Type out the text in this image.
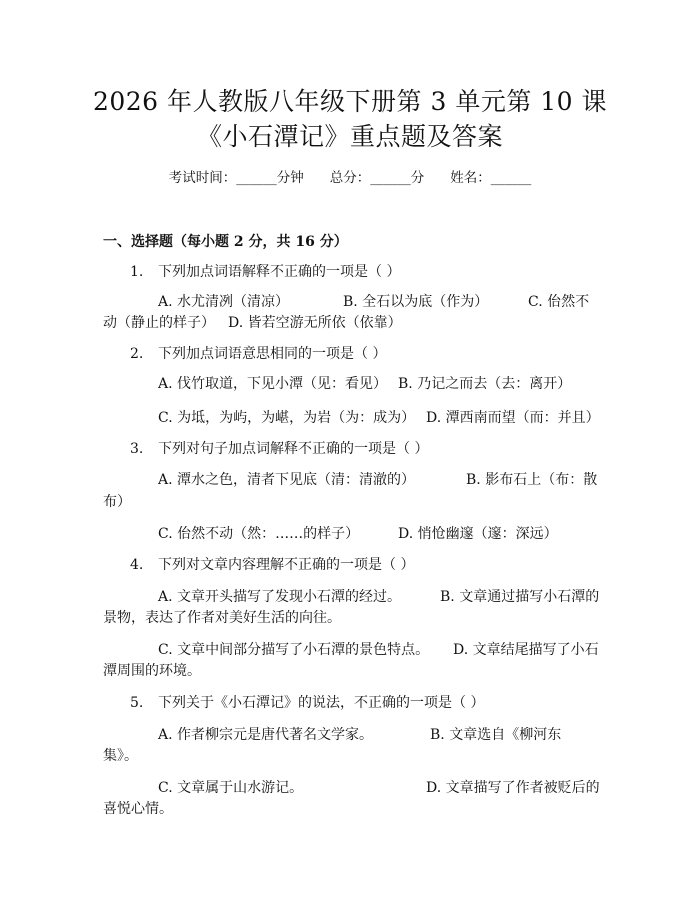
2026 年人教版八年级下册第 3 单元第 10 课
《小石潭记》重点题及答案
考试时间：______分钟 总分：______分 姓名：______
一、选择题（每小题 2 分，共 16 分）
1. 下列加点词语解释不正确的一项是（ ）
A. 水尤清冽（清凉）	B. 全石以为底（作为）	C. 佁然不
动（静止的样子） D. 皆若空游无所依（依靠）
2. 下列加点词语意思相同的一项是（ ）
A. 伐竹取道，下见小潭（见：看见） B. 乃记之而去（去：离开）
C. 为坻，为屿，为嵁，为岩（为：成为） D. 潭西南而望（而：并且）
3. 下列对句子加点词解释不正确的一项是（ ）
A. 潭水之色，清者下见底（清：清澈的）	B. 影布石上（布：散
布）
C. 佁然不动（然：……的样子）	D. 悄怆幽邃（邃：深远）
4. 下列对文章内容理解不正确的一项是（ ）
A. 文章开头描写了发现小石潭的经过。	B. 文章通过描写小石潭的
景物，表达了作者对美好生活的向往。
C. 文章中间部分描写了小石潭的景色特点。 D. 文章结尾描写了小石
潭周围的环境。
5. 下列关于《小石潭记》的说法，不正确的一项是（ ）
A. 作者柳宗元是唐代著名文学家。	B. 文章选自《柳河东
集》。
C. 文章属于山水游记。	D. 文章描写了作者被贬后的
喜悦心情。
